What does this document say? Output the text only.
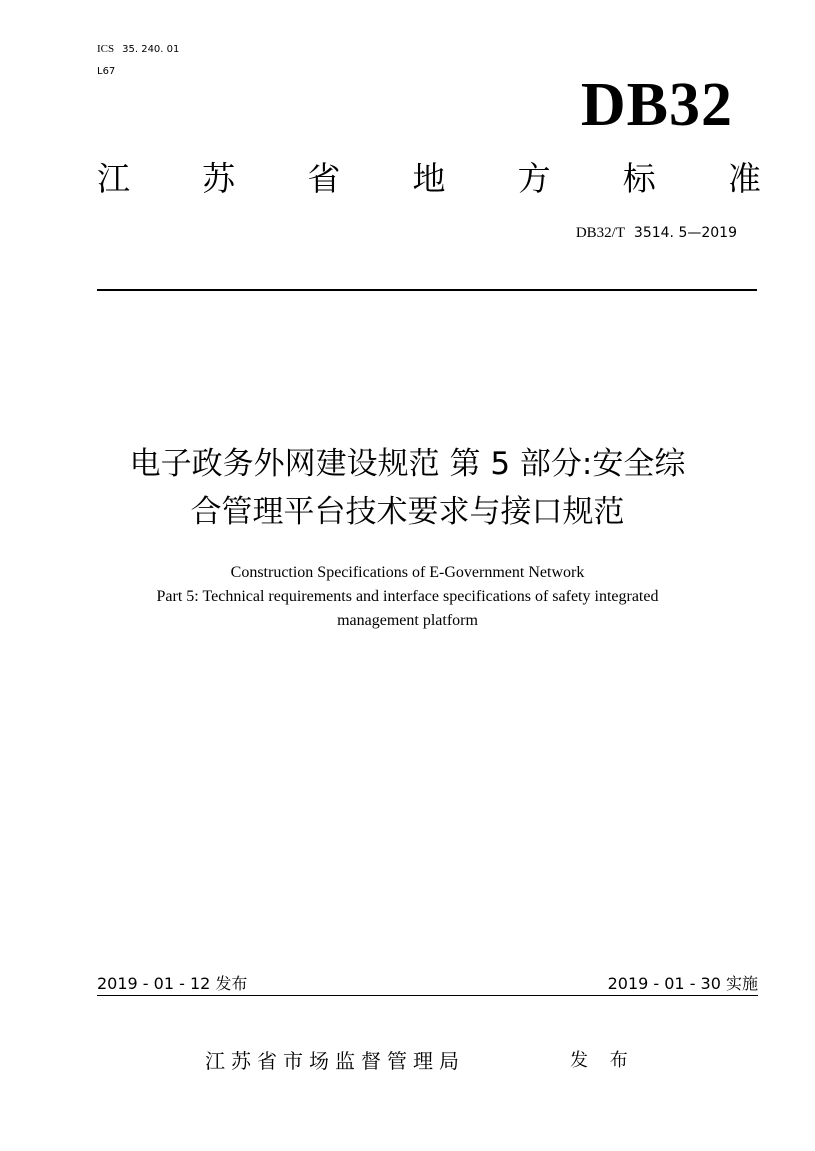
ICS 35. 240. 01
L67	DB32
江 苏 省 地 方 标 准
DB32/T 3514. 5—2019
电子政务外网建设规范 第 5 部分:安全综
合管理平台技术要求与接口规范
Construction Specifications of E-Government Network
Part 5: Technical requirements and interface specifications of safety integrated
management platform
2019 - 01 - 12 发布	2019 - 01 - 30 实施
江苏省市场监督管理局	发 布
